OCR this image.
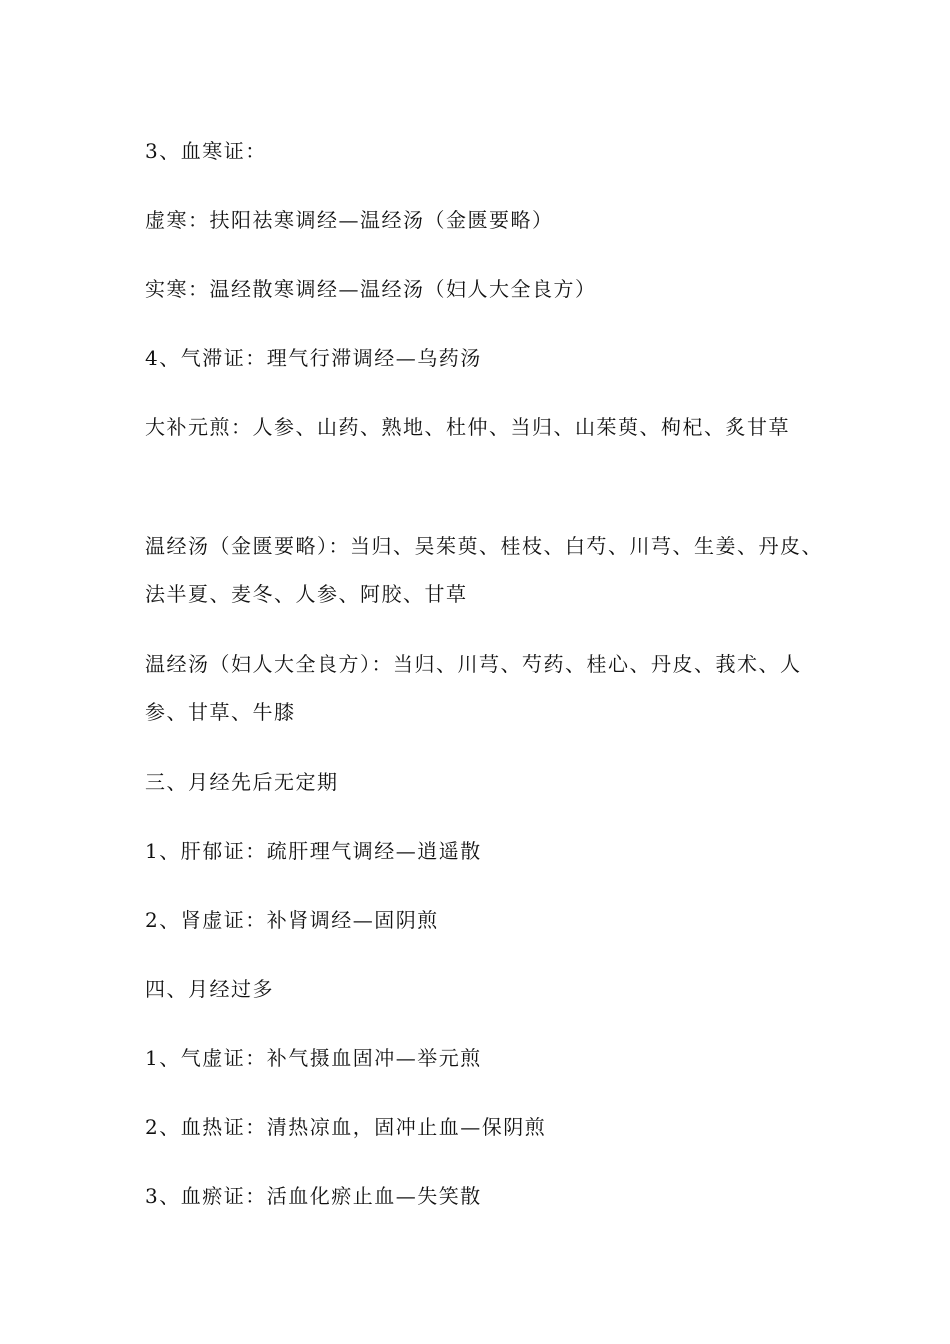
3、血寒证：
虚寒：扶阳祛寒调经—温经汤（金匮要略）
实寒：温经散寒调经—温经汤（妇人大全良方）
4、气滞证：理气行滞调经—乌药汤
大补元煎：人参、山药、熟地、杜仲、当归、山茱萸、枸杞、炙甘草
温经汤（金匮要略）：当归、吴茱萸、桂枝、白芍、川芎、生姜、丹皮、法半夏、麦冬、人参、阿胶、甘草
温经汤（妇人大全良方）：当归、川芎、芍药、桂心、丹皮、莪术、人参、甘草、牛膝
三、月经先后无定期
1、肝郁证：疏肝理气调经—逍遥散
2、肾虚证：补肾调经—固阴煎
四、月经过多
1、气虚证：补气摄血固冲—举元煎
2、血热证：清热凉血，固冲止血—保阴煎
3、血瘀证：活血化瘀止血—失笑散
